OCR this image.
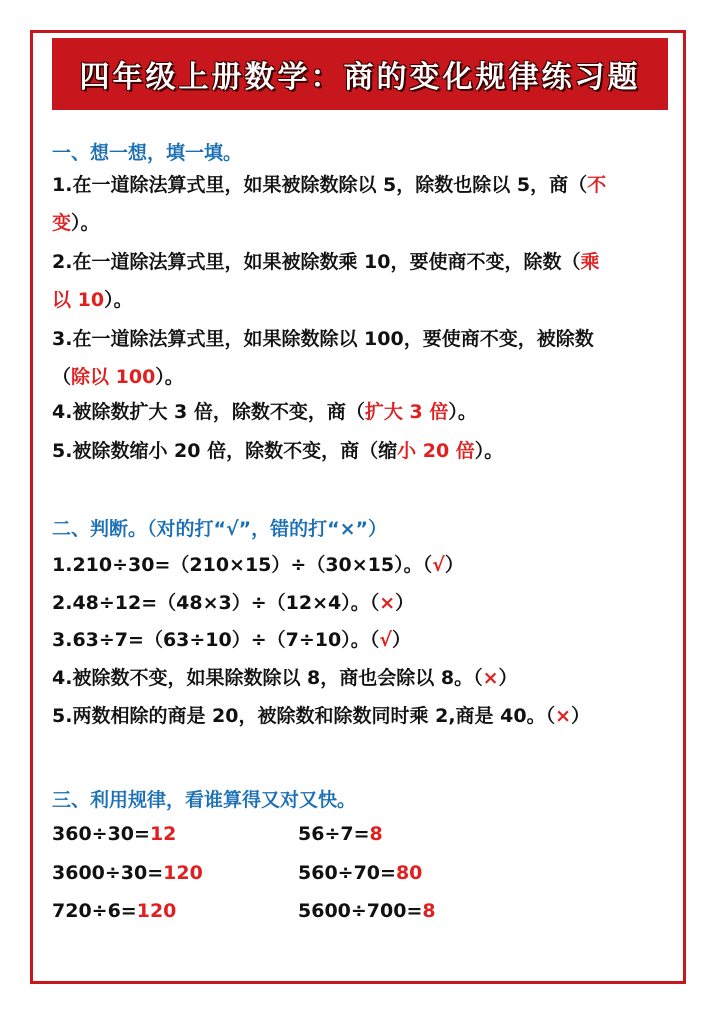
四年级上册数学：商的变化规律练习题
一、想一想，填一填。
1.在一道除法算式里，如果被除数除以 5，除数也除以 5，商（不
变）。
2.在一道除法算式里，如果被除数乘 10，要使商不变，除数（乘
以 10）。
3.在一道除法算式里，如果除数除以 100，要使商不变，被除数
（除以 100）。
4.被除数扩大 3 倍，除数不变，商（扩大 3 倍）。
5.被除数缩小 20 倍，除数不变，商（缩小 20 倍）。
二、判断。（对的打“√”，错的打“×”）
1.210÷30=（210×15）÷（30×15）。（√）
2.48÷12=（48×3）÷（12×4）。（×）
3.63÷7=（63÷10）÷（7÷10）。（√）
4.被除数不变，如果除数除以 8，商也会除以 8。（×）
5.两数相除的商是 20，被除数和除数同时乘 2,商是 40。（×）
三、利用规律，看谁算得又对又快。
360÷30=12	56÷7=8
3600÷30=120	560÷70=80
720÷6=120	5600÷700=8
